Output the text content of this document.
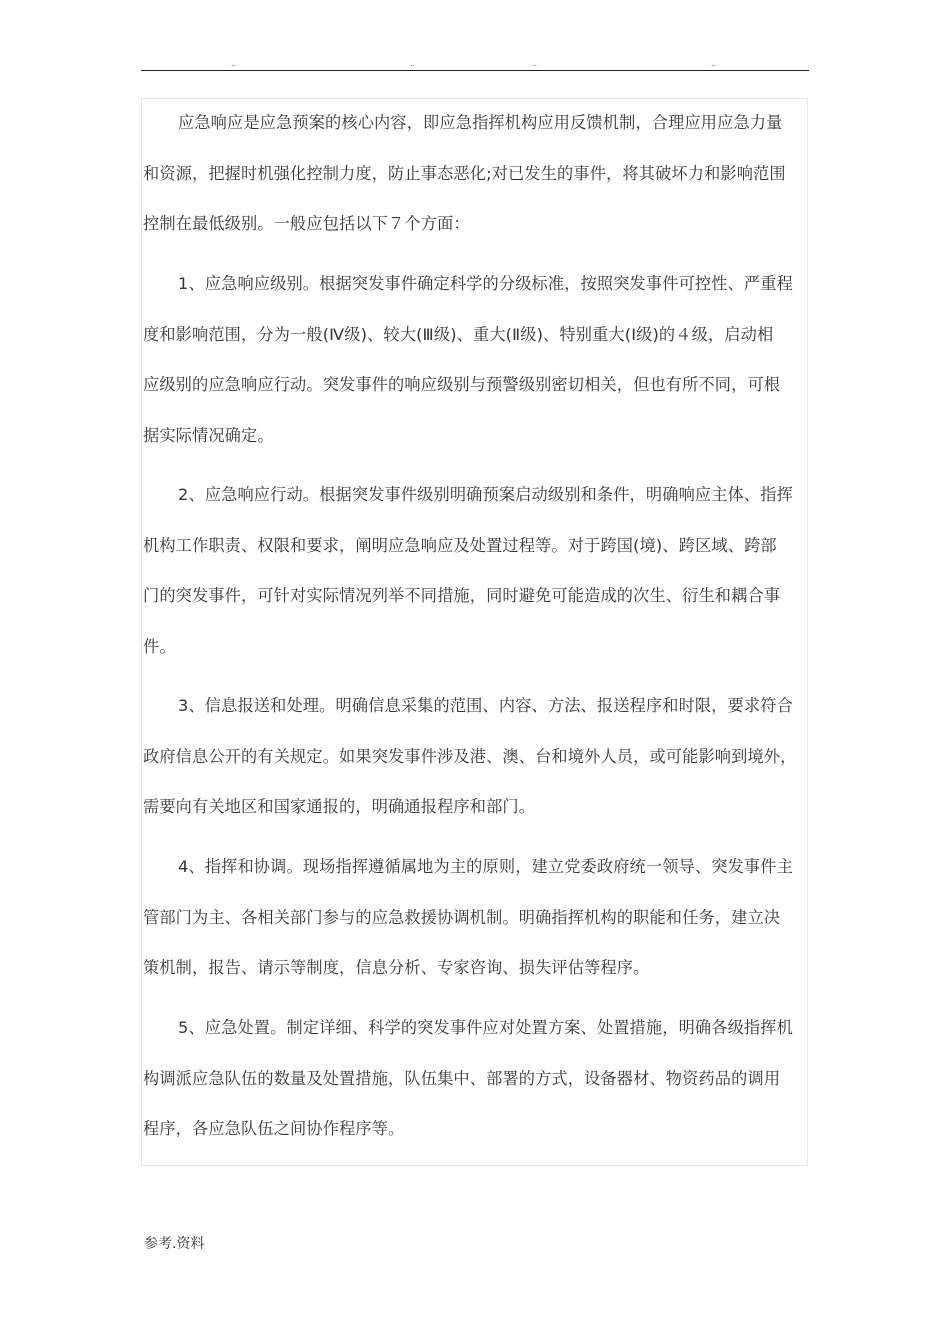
..	..	..	..
应急响应是应急预案的核心内容，即应急指挥机构应用反馈机制，合理应用应急力量
和资源，把握时机强化控制力度，防止事态恶化;对已发生的事件，将其破坏力和影响范围
控制在最低级别。一般应包括以下７个方面：
1、应急响应级别。根据突发事件确定科学的分级标准，按照突发事件可控性、严重程
度和影响范围，分为一般(Ⅳ级)、较大(Ⅲ级)、重大(Ⅱ级)、特别重大(Ⅰ级)的４级，启动相
应级别的应急响应行动。突发事件的响应级别与预警级别密切相关，但也有所不同，可根
据实际情况确定。
2、应急响应行动。根据突发事件级别明确预案启动级别和条件，明确响应主体、指挥
机构工作职责、权限和要求，阐明应急响应及处置过程等。对于跨国(境)、跨区域、跨部
门的突发事件，可针对实际情况列举不同措施，同时避免可能造成的次生、衍生和耦合事
件。
3、信息报送和处理。明确信息采集的范围、内容、方法、报送程序和时限，要求符合
政府信息公开的有关规定。如果突发事件涉及港、澳、台和境外人员，或可能影响到境外，
需要向有关地区和国家通报的，明确通报程序和部门。
4、指挥和协调。现场指挥遵循属地为主的原则，建立党委政府统一领导、突发事件主
管部门为主、各相关部门参与的应急救援协调机制。明确指挥机构的职能和任务，建立决
策机制，报告、请示等制度，信息分析、专家咨询、损失评估等程序。
5、应急处置。制定详细、科学的突发事件应对处置方案、处置措施，明确各级指挥机
构调派应急队伍的数量及处置措施，队伍集中、部署的方式，设备器材、物资药品的调用
程序，各应急队伍之间协作程序等。
参考.资料
